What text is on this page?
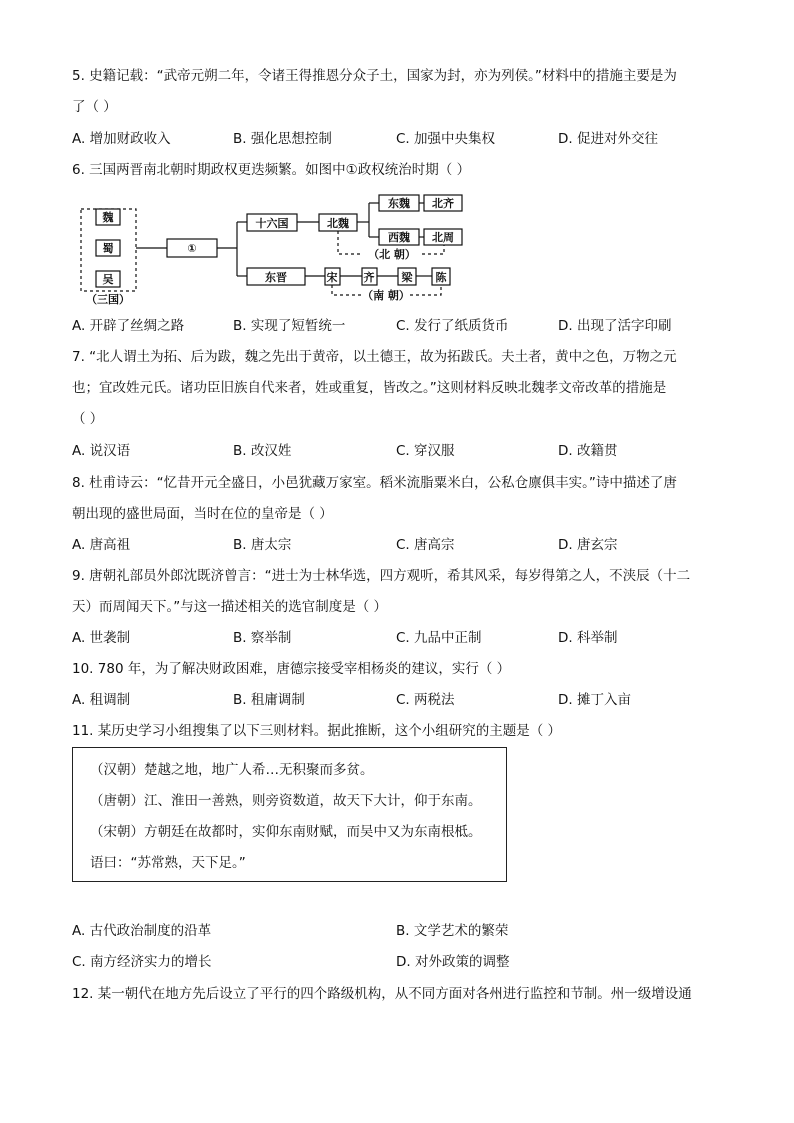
5. 史籍记载：“武帝元朔二年，令诸王得推恩分众子土，国家为封，亦为列侯。”材料中的措施主要是为
了（ ）
A. 增加财政收入	B. 强化思想控制	C. 加强中央集权	D. 促进对外交往
6. 三国两晋南北朝时期政权更迭频繁。如图中①政权统治时期（ ）
魏
蜀
吴
（三国）
①
十六国	北魏
东魏 北齐
西魏 北周
（北 朝）
东晋	宋 齐 梁 陈
（南 朝）
A. 开辟了丝绸之路	B. 实现了短暂统一	C. 发行了纸质货币	D. 出现了活字印刷
7. “北人谓土为拓、后为跋，魏之先出于黄帝，以土德王，故为拓跋氏。夫土者，黄中之色，万物之元
也；宜改姓元氏。诸功臣旧族自代来者，姓或重复，皆改之。”这则材料反映北魏孝文帝改革的措施是
（ ）
A. 说汉语	B. 改汉姓	C. 穿汉服	D. 改籍贯
8. 杜甫诗云：“忆昔开元全盛日，小邑犹藏万家室。稻米流脂粟米白，公私仓廪俱丰实。”诗中描述了唐
朝出现的盛世局面，当时在位的皇帝是（ ）
A. 唐高祖	B. 唐太宗	C. 唐高宗	D. 唐玄宗
9. 唐朝礼部员外郎沈既济曾言：“进士为士林华选，四方观听，希其风采，每岁得第之人，不浃辰（十二
天）而周闻天下。”与这一描述相关的选官制度是（ ）
A. 世袭制	B. 察举制	C. 九品中正制	D. 科举制
10. 780 年，为了解决财政困难，唐德宗接受宰相杨炎的建议，实行（ ）
A. 租调制	B. 租庸调制	C. 两税法	D. 摊丁入亩
11. 某历史学习小组搜集了以下三则材料。据此推断，这个小组研究的主题是（ ）
（汉朝）楚越之地，地广人希…无积聚而多贫。
（唐朝）江、淮田一善熟，则旁资数道，故天下大计，仰于东南。
（宋朝）方朝廷在故都时，实仰东南财赋，而吴中又为东南根柢。
语曰：“苏常熟，天下足。”
A. 古代政治制度的沿革	B. 文学艺术的繁荣
C. 南方经济实力的增长	D. 对外政策的调整
12. 某一朝代在地方先后设立了平行的四个路级机构，从不同方面对各州进行监控和节制。州一级增设通
